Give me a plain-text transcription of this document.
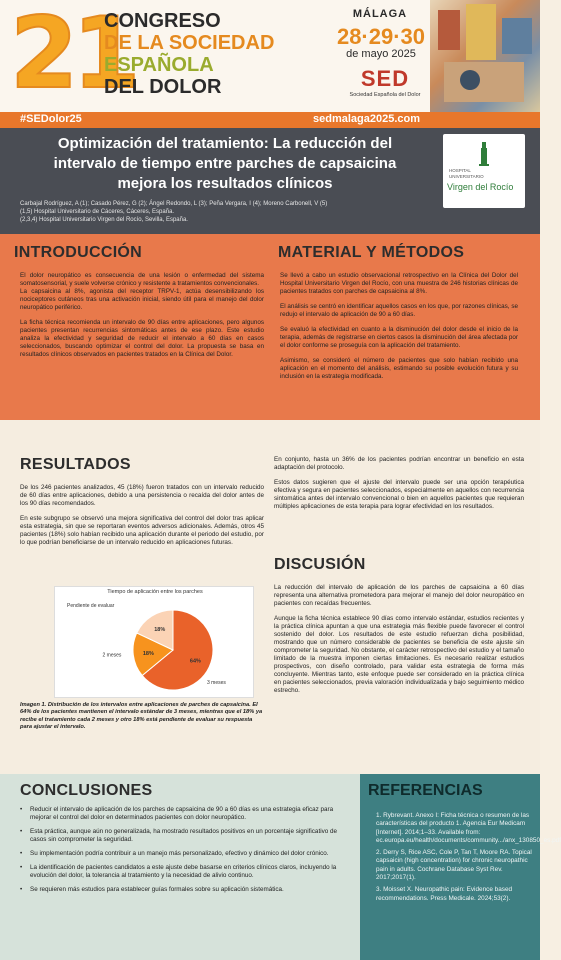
21
CONGRESO
DE LA SOCIEDAD
ESPAÑOLA
DEL DOLOR
MÁLAGA
28·29·30
de mayo 2025
SED
Sociedad Española del Dolor
#SEDolor25	sedmalaga2025.com
Optimización del tratamiento: La reducción del intervalo de tiempo entre parches de capsaicina mejora los resultados clínicos
Carbajal Rodríguez, A (1); Casado Pérez, G (2); Ángel Redondo, L (3); Peña Vergara, I (4); Moreno Carbonell, V (5)
(1,5) Hospital Universitario de Cáceres, Cáceres, España.
(2,3,4) Hospital Universitario Virgen del Rocío, Sevilla, España.
HOSPITAL
UNIVERSITARIO
Virgen del Rocío
INTRODUCCIÓN

El dolor neuropático es consecuencia de una lesión o enfermedad del sistema somatosensorial, y suele volverse crónico y resistente a tratamientos convencionales.
La capsaicina al 8%, agonista del receptor TRPV-1, actúa desensibilizando los nociceptores cutáneos tras una activación inicial, siendo útil para el manejo del dolor neuropático periférico.

La ficha técnica recomienda un intervalo de 90 días entre aplicaciones, pero algunos pacientes presentan recurrencias sintomáticas antes de ese plazo. Este estudio analiza la efectividad y seguridad de reducir el intervalo a 60 días en casos seleccionados, buscando optimizar el control del dolor. La propuesta se basa en resultados clínicos observados en pacientes tratados en la Clínica del Dolor.

MATERIAL Y MÉTODOS

Se llevó a cabo un estudio observacional retrospectivo en la Clínica del Dolor del Hospital Universitario Virgen del Rocío, con una muestra de 246 historias clínicas de pacientes tratados con parches de capsaicina al 8%.

El análisis se centró en identificar aquellos casos en los que, por razones clínicas, se redujo el intervalo de aplicación de 90 a 60 días.

Se evaluó la efectividad en cuanto a la disminución del dolor desde el inicio de la terapia, además de registrarse en ciertos casos la disminución del área afectada por el dolor conforme se proseguía con la aplicación del tratamiento.

Asimismo, se consideró el número de pacientes que solo habían recibido una aplicación en el momento del análisis, estimando su posible evolución futura y su inclusión en la estrategia modificada.

RESULTADOS

De los 246 pacientes analizados, 45 (18%) fueron tratados con un intervalo reducido de 60 días entre aplicaciones, debido a una persistencia o recaída del dolor antes de los 90 días recomendados.

En este subgrupo se observó una mejora significativa del control del dolor tras aplicar esta estrategia, sin que se reportaran eventos adversos adicionales. Además, otros 45 pacientes (18%) solo habían recibido una aplicación durante el periodo del estudio, por lo que podrían beneficiarse de un intervalo reducido en aplicaciones futuras.

Tiempo de aplicación entre los parches
64%
18%
18%
3 meses
2 meses
Pendiente de evaluar
Imagen 1. Distribución de los intervalos entre aplicaciones de parches de capsaicina. El 64% de los pacientes mantienen el intervalo estándar de 3 meses, mientras que el 18% ya recibe el tratamiento cada 2 meses y otro 18% está pendiente de evaluar su respuesta para ajustar el intervalo.

En conjunto, hasta un 36% de los pacientes podrían encontrar un beneficio en esta adaptación del protocolo.

Estos datos sugieren que el ajuste del intervalo puede ser una opción terapéutica efectiva y segura en pacientes seleccionados, especialmente en aquellos con recurrencia sintomática antes del intervalo convencional o bien en aquellos pacientes que requieran múltiples aplicaciones de esta terapia para lograr efectividad en los resultados.

DISCUSIÓN

La reducción del intervalo de aplicación de los parches de capsaicina a 60 días representa una alternativa prometedora para mejorar el manejo del dolor neuropático en pacientes con recaídas frecuentes.

Aunque la ficha técnica establece 90 días como intervalo estándar, estudios recientes y la práctica clínica apuntan a que una estrategia más flexible puede favorecer el control sostenido del dolor. Los resultados de este estudio refuerzan dicha posibilidad, mostrando que un número considerable de pacientes se beneficia de este ajuste sin comprometer la seguridad. No obstante, el carácter retrospectivo del estudio y el tamaño limitado de la muestra imponen ciertas limitaciones. Es necesario realizar estudios prospectivos, con diseño controlado, para validar esta estrategia de forma más concluyente. Mientras tanto, este enfoque puede ser considerado en la práctica clínica en pacientes seleccionados, previa valoración individualizada y bajo seguimiento médico estrecho.

CONCLUSIONES
• Reducir el intervalo de aplicación de los parches de capsaicina de 90 a 60 días es una estrategia eficaz para mejorar el control del dolor en determinados pacientes con dolor neuropático.
• Esta práctica, aunque aún no generalizada, ha mostrado resultados positivos en un porcentaje significativo de casos sin comprometer la seguridad.
• Su implementación podría contribuir a un manejo más personalizado, efectivo y dinámico del dolor crónico.
• La identificación de pacientes candidatos a este ajuste debe basarse en criterios clínicos claros, incluyendo la evolución del dolor, la tolerancia al tratamiento y la necesidad de alivio continuo.
• Se requieren más estudios para establecer guías formales sobre su aplicación sistemática.
REFERENCIAS

1. Rybrevant. Anexo I: Ficha técnica o resumen de las características del producto 1. Agencia Eur Medicam [Internet]. 2014;1–33. Available from: ec.europa.eu/health/documents/community.../anx_130850_es.pdf

2. Derry S, Rice ASC, Cole P, Tan T, Moore RA. Topical capsaicin (high concentration) for chronic neuropathic pain in adults. Cochrane Database Syst Rev. 2017;2017(1).

3. Moisset X. Neuropathic pain: Evidence based recommendations. Press Medicale. 2024;53(2).
